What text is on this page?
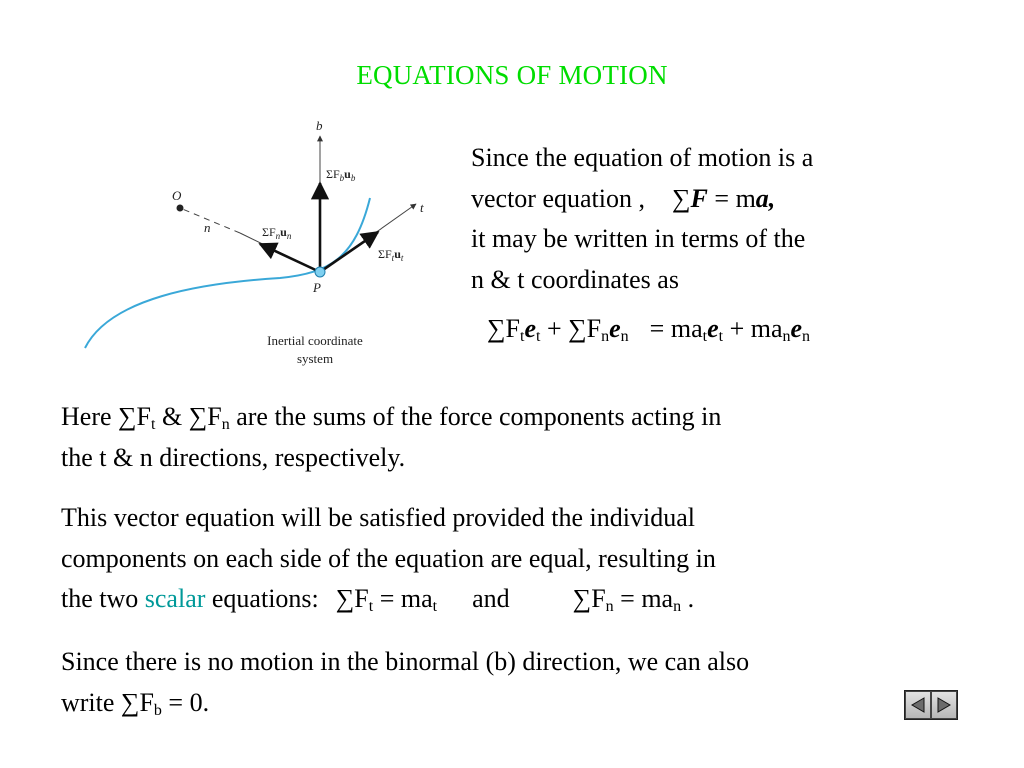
EQUATIONS OF MOTION
b
O
n
t
P
$\Sigma F_bu_b$
$\Sigma F_nu_n$
$\Sigma F_tu_t$
Inertial coordinate
system
Since the equation of motion is a
vector equation , ∑F = ma,
it may be written in terms of the
n & t coordinates as
$\sum F_te_t + \sum F_ne_n = ma_te_t + ma_ne_n$
Here $\sum F_t$ & $\sum F_n$ are the sums of the force components acting in
the t & n directions, respectively.
This vector equation will be satisfied provided the individual
components on each side of the equation are equal, resulting in
the two scalar equations: $\sum F_t = ma_t$ and $\sum F_n = ma_n$ .
Since there is no motion in the binormal (b) direction, we can also
write $\sum F_b = 0$.
